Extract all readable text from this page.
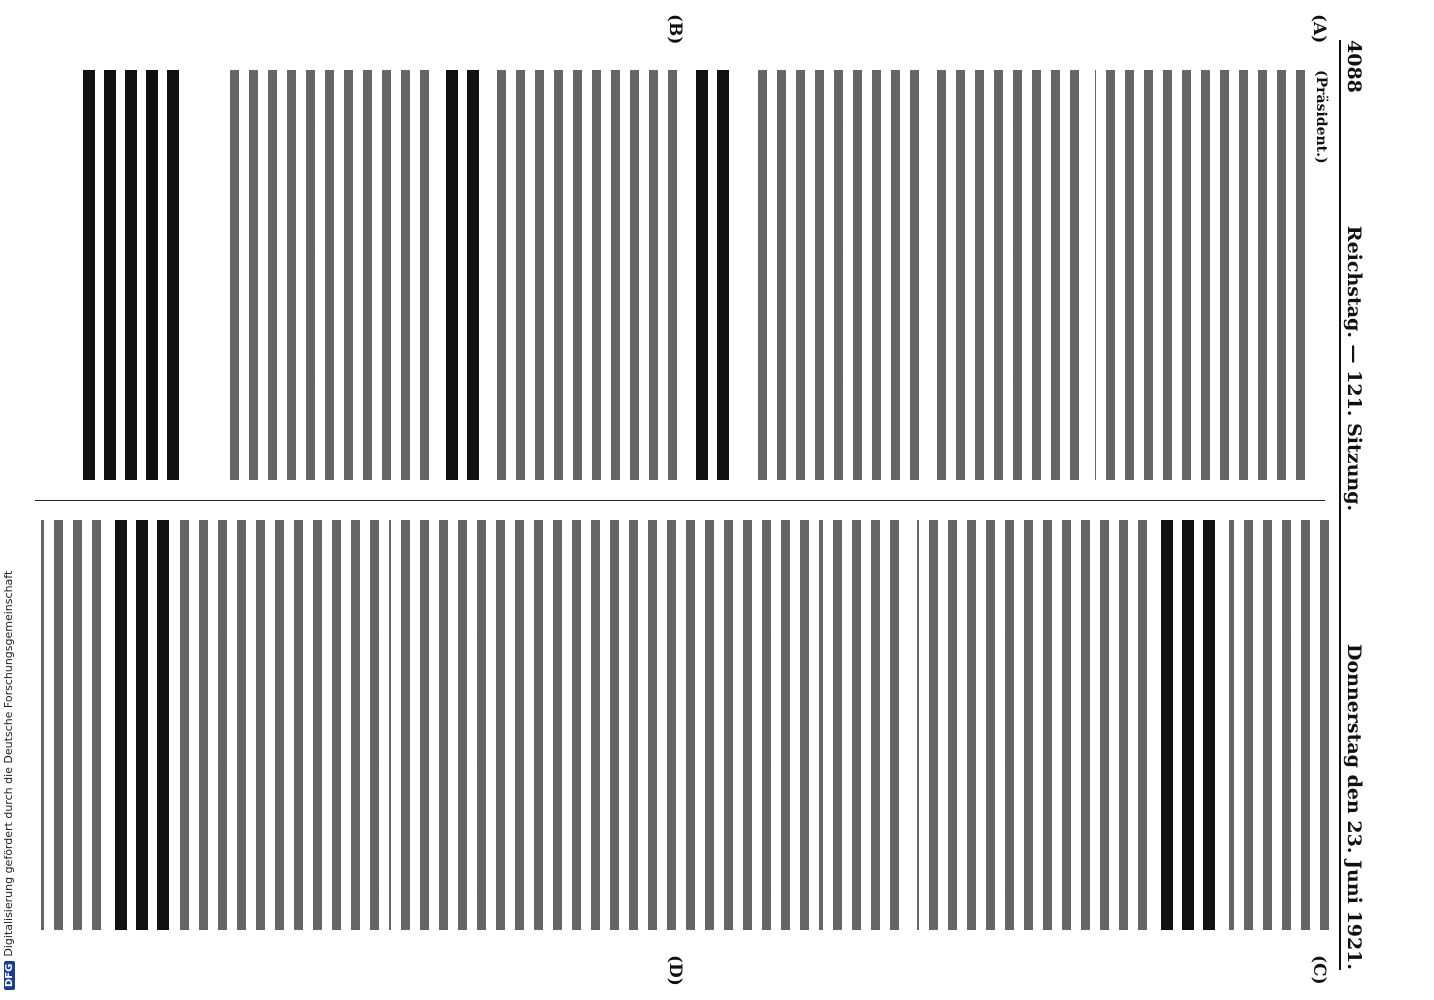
4088
Reichstag. — 121. Sitzung.
Donnerstag den 23. Juni 1921.
(A)
(B)
(C)
(D)
(Präsident.)
DFGDigitalisierung gefördert durch die Deutsche Forschungsgemeinschaft
